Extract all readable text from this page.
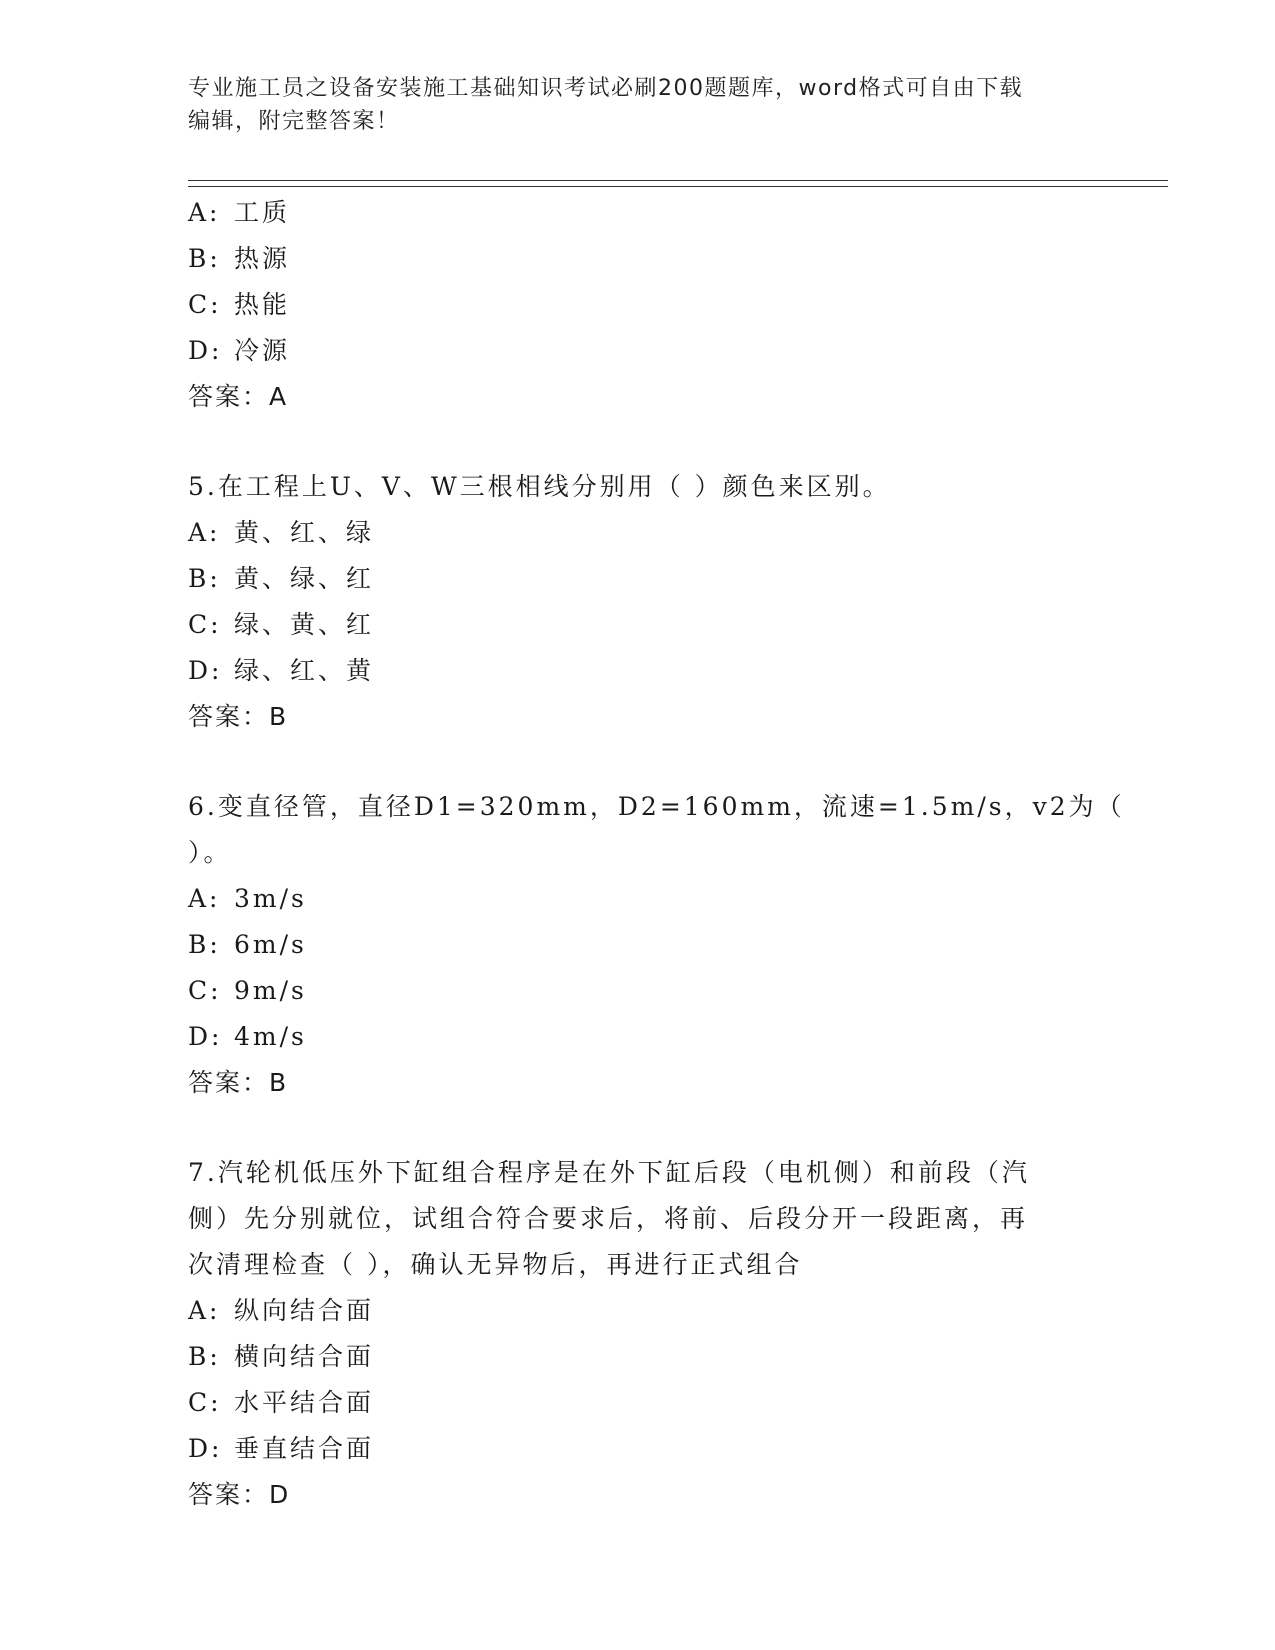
专业施工员之设备安装施工基础知识考试必刷200题题库，word格式可自由下载
编辑，附完整答案！
A: 工质
B: 热源
C: 热能
D: 冷源
答案：A
5.在工程上U、V、W三根相线分别用（ ）颜色来区别。
A: 黄、红、绿
B: 黄、绿、红
C: 绿、黄、红
D: 绿、红、黄
答案：B
6.变直径管，直径D1=320mm，D2=160mm，流速=1.5m/s，v2为（ ）。
A: 3m/s
B: 6m/s
C: 9m/s
D: 4m/s
答案：B
7.汽轮机低压外下缸组合程序是在外下缸后段（电机侧）和前段（汽
侧）先分别就位，试组合符合要求后，将前、后段分开一段距离，再
次清理检查（ ），确认无异物后，再进行正式组合
A: 纵向结合面
B: 横向结合面
C: 水平结合面
D: 垂直结合面
答案：D
